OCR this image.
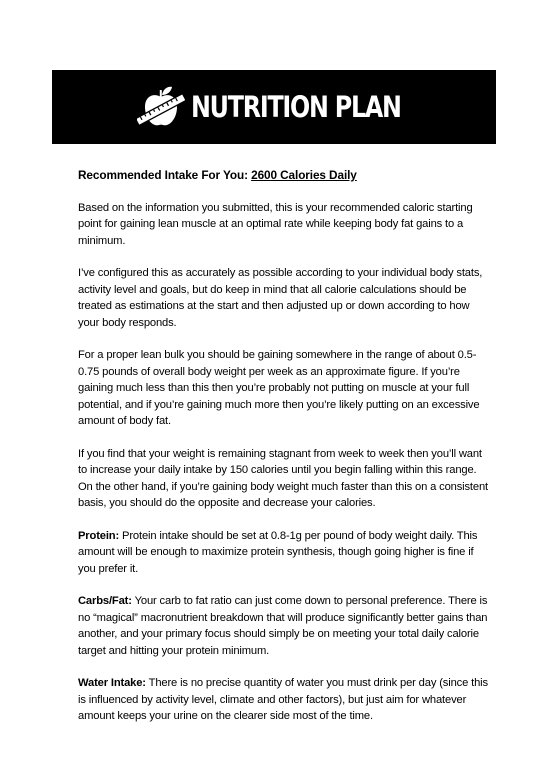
NUTRITION PLAN

Recommended Intake For You: 2600 Calories Daily

Based on the information you submitted, this is your recommended caloric starting point for gaining lean muscle at an optimal rate while keeping body fat gains to a minimum.

I’ve configured this as accurately as possible according to your individual body stats, activity level and goals, but do keep in mind that all calorie calculations should be treated as estimations at the start and then adjusted up or down according to how your body responds.

For a proper lean bulk you should be gaining somewhere in the range of about 0.5-0.75 pounds of overall body weight per week as an approximate figure. If you’re gaining much less than this then you’re probably not putting on muscle at your full potential, and if you’re gaining much more then you’re likely putting on an excessive amount of body fat.

If you find that your weight is remaining stagnant from week to week then you’ll want to increase your daily intake by 150 calories until you begin falling within this range. On the other hand, if you’re gaining body weight much faster than this on a consistent basis, you should do the opposite and decrease your calories.

Protein: Protein intake should be set at 0.8-1g per pound of body weight daily. This amount will be enough to maximize protein synthesis, though going higher is fine if you prefer it.

Carbs/Fat: Your carb to fat ratio can just come down to personal preference. There is no “magical” macronutrient breakdown that will produce significantly better gains than another, and your primary focus should simply be on meeting your total daily calorie target and hitting your protein minimum.

Water Intake: There is no precise quantity of water you must drink per day (since this is influenced by activity level, climate and other factors), but just aim for whatever amount keeps your urine on the clearer side most of the time.
